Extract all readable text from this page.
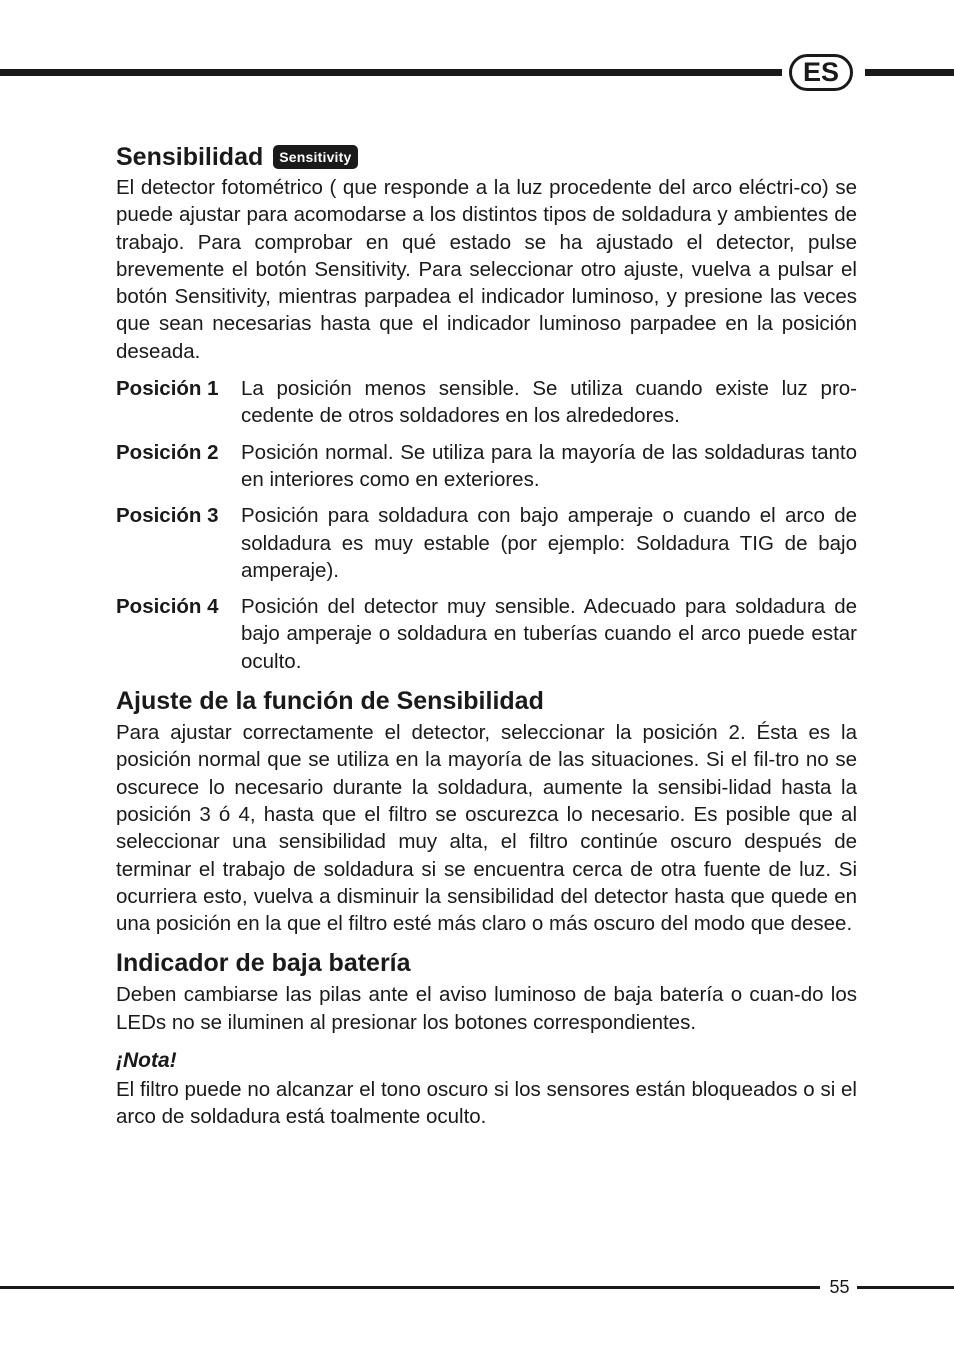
ES
Sensibilidad	Sensitivity

El detector fotométrico ( que responde a la luz procedente del arco eléctri-co) se puede ajustar para acomodarse a los distintos tipos de soldadura y ambientes de trabajo. Para comprobar en qué estado se ha ajustado el detector, pulse brevemente el botón Sensitivity. Para seleccionar otro ajuste, vuelva a pulsar el botón Sensitivity, mientras parpadea el indicador luminoso, y presione las veces que sean necesarias hasta que el indicador luminoso parpadee en la posición deseada.

Posición 1	La posición menos sensible. Se utiliza cuando existe luz pro-cedente de otros soldadores en los alrededores.
Posición 2	Posición normal. Se utiliza para la mayoría de las soldaduras tanto en interiores como en exteriores.
Posición 3	Posición para soldadura con bajo amperaje o cuando el arco de soldadura es muy estable (por ejemplo: Soldadura TIG de bajo amperaje).
Posición 4	Posición del detector muy sensible. Adecuado para soldadura de bajo amperaje o soldadura en tuberías cuando el arco puede estar oculto.
Ajuste de la función de Sensibilidad

Para ajustar correctamente el detector, seleccionar la posición 2. Ésta es la posición normal que se utiliza en la mayoría de las situaciones. Si el fil-tro no se oscurece lo necesario durante la soldadura, aumente la sensibi-lidad hasta la posición 3 ó 4, hasta que el filtro se oscurezca lo necesario. Es posible que al seleccionar una sensibilidad muy alta, el filtro continúe oscuro después de terminar el trabajo de soldadura si se encuentra cerca de otra fuente de luz. Si ocurriera esto, vuelva a disminuir la sensibilidad del detector hasta que quede en una posición en la que el filtro esté más claro o más oscuro del modo que desee.

Indicador de baja batería

Deben cambiarse las pilas ante el aviso luminoso de baja batería o cuan-do los LEDs no se iluminen al presionar los botones correspondientes.

¡Nota!

El filtro puede no alcanzar el tono oscuro si los sensores están bloqueados o si el arco de soldadura está toalmente oculto.

55
